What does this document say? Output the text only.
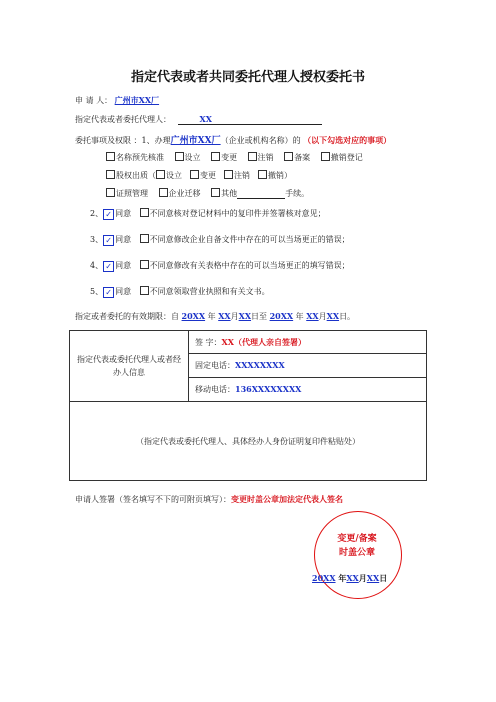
指定代表或者共同委托代理人授权委托书
申 请 人： 广州市XX厂
指定代表或者委托代理人：	XX
委托事项及权限 ：1、办理广州市XX厂（企业或机构名称）的 （以下勾选对应的事项）
名称预先核准	设立	变更	注销	备案	撤销登记
股权出质（ 设立 变更 注销 撤销）
证照管理	企业迁移	其他	手续。
2、 ✓ 同意 不同意核对登记材料中的复印件并签署核对意见；
3、 ✓ 同意 不同意修改企业自备文件中存在的可以当场更正的错误；
4、 ✓ 同意 不同意修改有关表格中存在的可以当场更正的填写错误；
5、 ✓ 同意 不同意领取营业执照和有关文书。
指定或者委托的有效期限：自 20XX 年 XX月XX日至 20XX 年 XX月XX日。
指定代表或委托代理人或者经办人信息	签 字：XX（代理人亲自签署）
固定电话：XXXXXXXX
移动电话：136XXXXXXXX
（指定代表或委托代理人、具体经办人身份证明复印件粘贴处）
申请人签署（签名填写不下的可附页填写）：变更时盖公章加法定代表人签名
变更/备案
时盖公章
20XX 年XX月XX日
